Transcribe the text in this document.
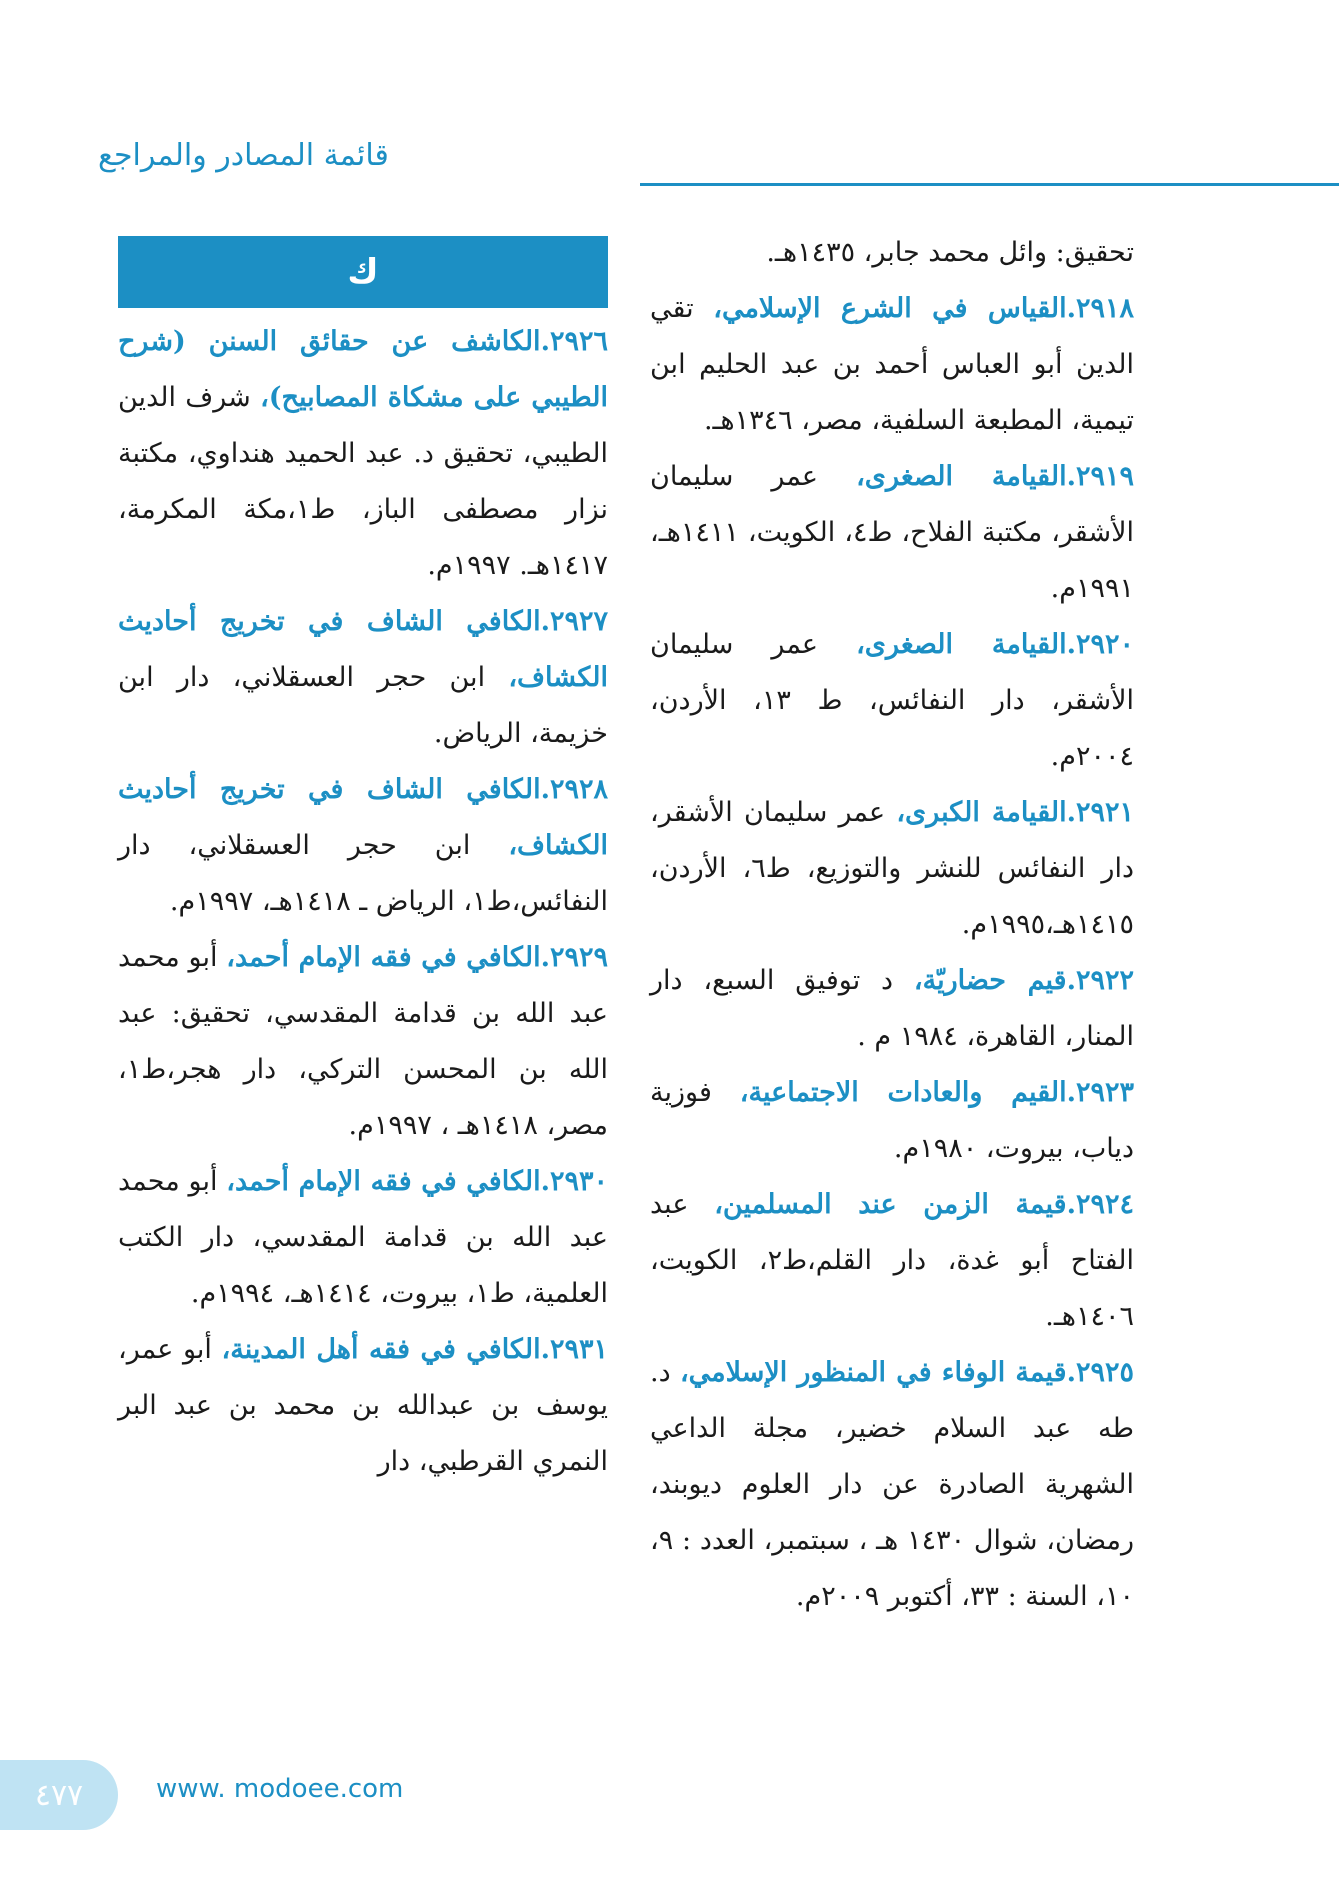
قائمة المصادر والمراجع

تحقيق: وائل محمد جابر، ١٤٣٥هـ.

٢٩١٨.القياس في الشرع الإسلامي، تقي الدين أبو العباس أحمد بن عبد الحليم ابن تيمية، المطبعة السلفية، مصر، ١٣٤٦هـ.

٢٩١٩.القيامة الصغرى، عمر سليمان الأشقر، مكتبة الفلاح، ط٤، الكويت، ١٤١١هـ، ١٩٩١م.

٢٩٢٠.القيامة الصغرى، عمر سليمان الأشقر، دار النفائس، ط ١٣، الأردن، ٢٠٠٤م.

٢٩٢١.القيامة الكبرى، عمر سليمان الأشقر، دار النفائس للنشر والتوزيع، ط٦، الأردن، ١٤١٥هـ،١٩٩٥م.

٢٩٢٢.قيم حضاريّة، د توفيق السبع، دار المنار، القاهرة، ١٩٨٤ م .

٢٩٢٣.القيم والعادات الاجتماعية، فوزية دياب، بيروت، ١٩٨٠م.

٢٩٢٤.قيمة الزمن عند المسلمين، عبد الفتاح أبو غدة، دار القلم،ط٢، الكويت، ١٤٠٦هـ.

٢٩٢٥.قيمة الوفاء في المنظور الإسلامي، د. طه عبد السلام خضير، مجلة الداعي الشهرية الصادرة عن دار العلوم ديوبند، رمضان، شوال ١٤٣٠ هـ ، سبتمبر، العدد : ٩، ١٠، السنة : ٣٣، أكتوبر ٢٠٠٩م.

ك

٢٩٢٦.الكاشف عن حقائق السنن (شرح الطيبي على مشكاة المصابيح)، شرف الدين الطيبي، تحقيق د. عبد الحميد هنداوي، مكتبة نزار مصطفى الباز، ط١،مكة المكرمة، ١٤١٧هـ. ١٩٩٧م.

٢٩٢٧.الكافي الشاف في تخريج أحاديث الكشاف، ابن حجر العسقلاني، دار ابن خزيمة، الرياض.

٢٩٢٨.الكافي الشاف في تخريج أحاديث الكشاف، ابن حجر العسقلاني، دار النفائس،ط١، الرياض ـ ١٤١٨هـ، ١٩٩٧م.

٢٩٢٩.الكافي في فقه الإمام أحمد، أبو محمد عبد الله بن قدامة المقدسي، تحقيق: عبد الله بن المحسن التركي، دار هجر،ط١، مصر، ١٤١٨هـ ، ١٩٩٧م.

٢٩٣٠.الكافي في فقه الإمام أحمد، أبو محمد عبد الله بن قدامة المقدسي، دار الكتب العلمية، ط١، بيروت، ١٤١٤هـ، ١٩٩٤م.

٢٩٣١.الكافي في فقه أهل المدينة، أبو عمر، يوسف بن عبدالله بن محمد بن عبد البر النمري القرطبي، دار

٤٧٧	www. modoee.com
